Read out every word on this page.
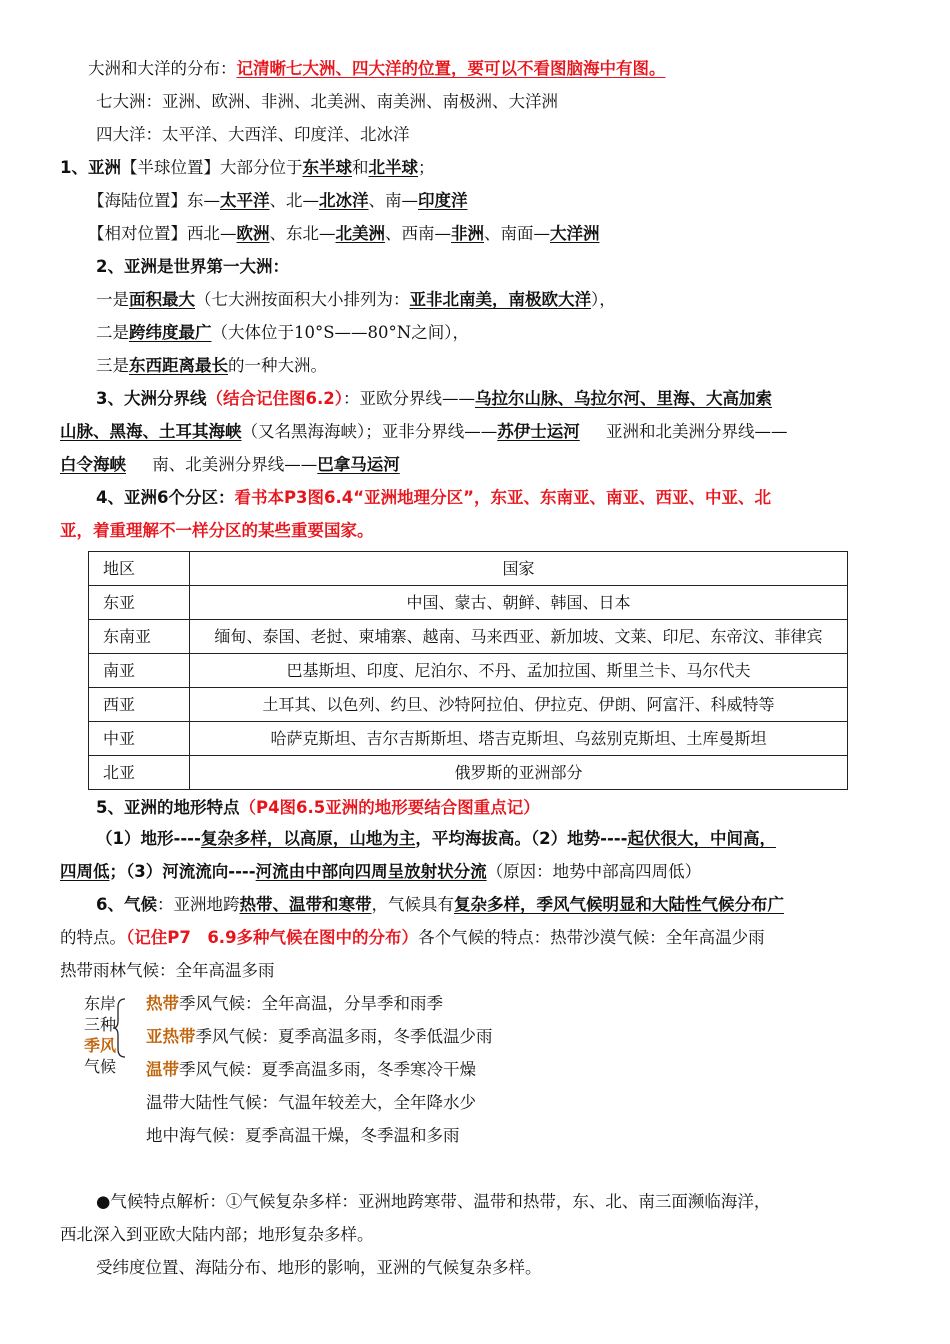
大洲和大洋的分布：记清晰七大洲、四大洋的位置，要可以不看图脑海中有图。
七大洲：亚洲、欧洲、非洲、北美洲、南美洲、南极洲、大洋洲
四大洋：太平洋、大西洋、印度洋、北冰洋
1、亚洲【半球位置】大部分位于东半球和北半球；
【海陆位置】东—太平洋、北—北冰洋、南—印度洋
【相对位置】西北—欧洲、东北—北美洲、西南—非洲、南面—大洋洲
2、亚洲是世界第一大洲：
一是面积最大（七大洲按面积大小排列为：亚非北南美，南极欧大洋），
二是跨纬度最广（大体位于10°S——80°N之间），
三是东西距离最长的一种大洲。
3、大洲分界线（结合记住图6.2）：亚欧分界线——乌拉尔山脉、乌拉尔河、里海、大高加索
山脉、黑海、土耳其海峡（又名黑海海峡）；亚非分界线——苏伊士运河 亚洲和北美洲分界线——
白令海峡 南、北美洲分界线——巴拿马运河
4、亚洲6个分区：看书本P3图6.4“亚洲地理分区”，东亚、东南亚、南亚、西亚、中亚、北
亚，着重理解不一样分区的某些重要国家。
地区	国家
东亚	中国、蒙古、朝鲜、韩国、日本
东南亚	缅甸、泰国、老挝、柬埔寨、越南、马来西亚、新加坡、文莱、印尼、东帝汶、菲律宾
南亚	巴基斯坦、印度、尼泊尔、不丹、孟加拉国、斯里兰卡、马尔代夫
西亚	土耳其、以色列、约旦、沙特阿拉伯、伊拉克、伊朗、阿富汗、科威特等
中亚	哈萨克斯坦、吉尔吉斯斯坦、塔吉克斯坦、乌兹别克斯坦、土库曼斯坦
北亚	俄罗斯的亚洲部分
5、亚洲的地形特点（P4图6.5亚洲的地形要结合图重点记）
（1）地形----复杂多样，以高原，山地为主，平均海拔高。（2）地势----起伏很大，中间高，
四周低；（3）河流流向----河流由中部向四周呈放射状分流（原因：地势中部高四周低）
6、气候：亚洲地跨热带、温带和寒带，气候具有复杂多样，季风气候明显和大陆性气候分布广
的特点。（记住P7　6.9多种气候在图中的分布）各个气候的特点：热带沙漠气候：全年高温少雨
热带雨林气候：全年高温多雨
东岸
三种
季风
气候
热带季风气候：全年高温，分旱季和雨季
亚热带季风气候：夏季高温多雨，冬季低温少雨
温带季风气候：夏季高温多雨，冬季寒冷干燥
温带大陆性气候：气温年较差大，全年降水少
地中海气候：夏季高温干燥，冬季温和多雨
●气候特点解析：①气候复杂多样：亚洲地跨寒带、温带和热带，东、北、南三面濒临海洋，
西北深入到亚欧大陆内部；地形复杂多样。
受纬度位置、海陆分布、地形的影响，亚洲的气候复杂多样。
